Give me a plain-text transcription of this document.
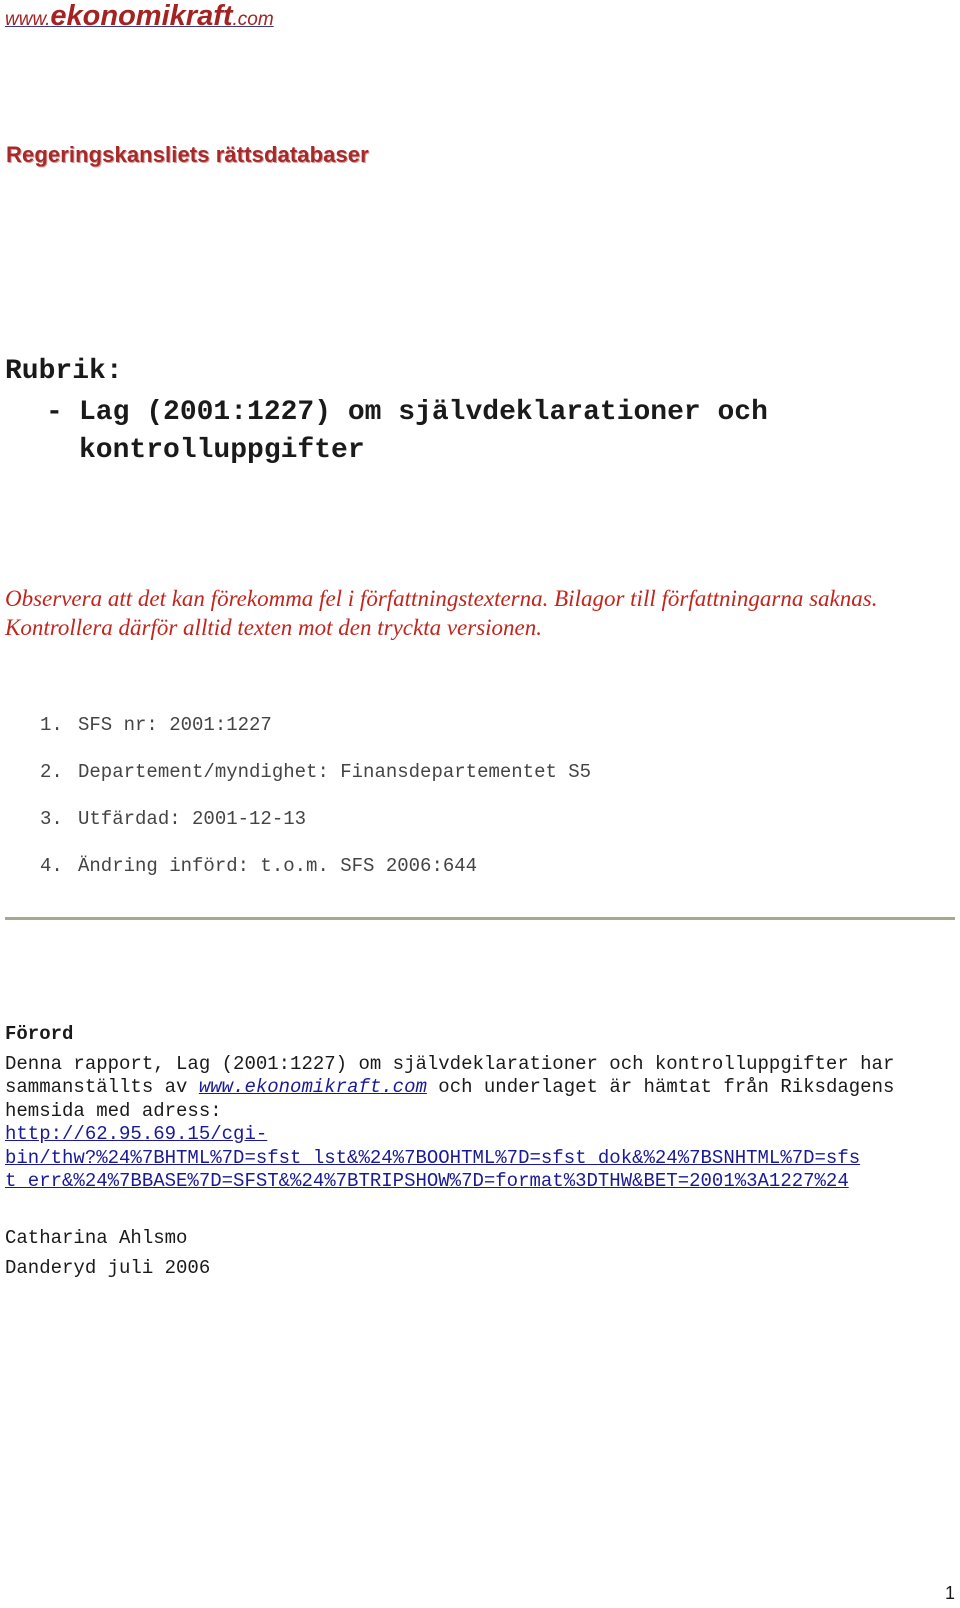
www.ekonomikraft.com
Regeringskansliets rättsdatabaser
Rubrik:
- Lag (2001:1227) om självdeklarationer och
kontrolluppgifter
Observera att det kan förekomma fel i författningstexterna. Bilagor till författningarna saknas. Kontrollera därför alltid texten mot den tryckta versionen.
1. SFS nr: 2001:1227
2. Departement/myndighet: Finansdepartementet S5
3. Utfärdad: 2001-12-13
4. Ändring införd: t.o.m. SFS 2006:644
Förord

Denna rapport, Lag (2001:1227) om självdeklarationer och kontrolluppgifter har sammanställts av www.ekonomikraft.com och underlaget är hämtat från Riksdagens hemsida med adress:

http://62.95.69.15/cgi-
bin/thw?%24%7BHTML%7D=sfst_lst&%24%7BOOHTML%7D=sfst_dok&%24%7BSNHTML%7D=sfs
t_err&%24%7BBASE%7D=SFST&%24%7BTRIPSHOW%7D=format%3DTHW&BET=2001%3A1227%24
Catharina Ahlsmo
Danderyd juli 2006
1
